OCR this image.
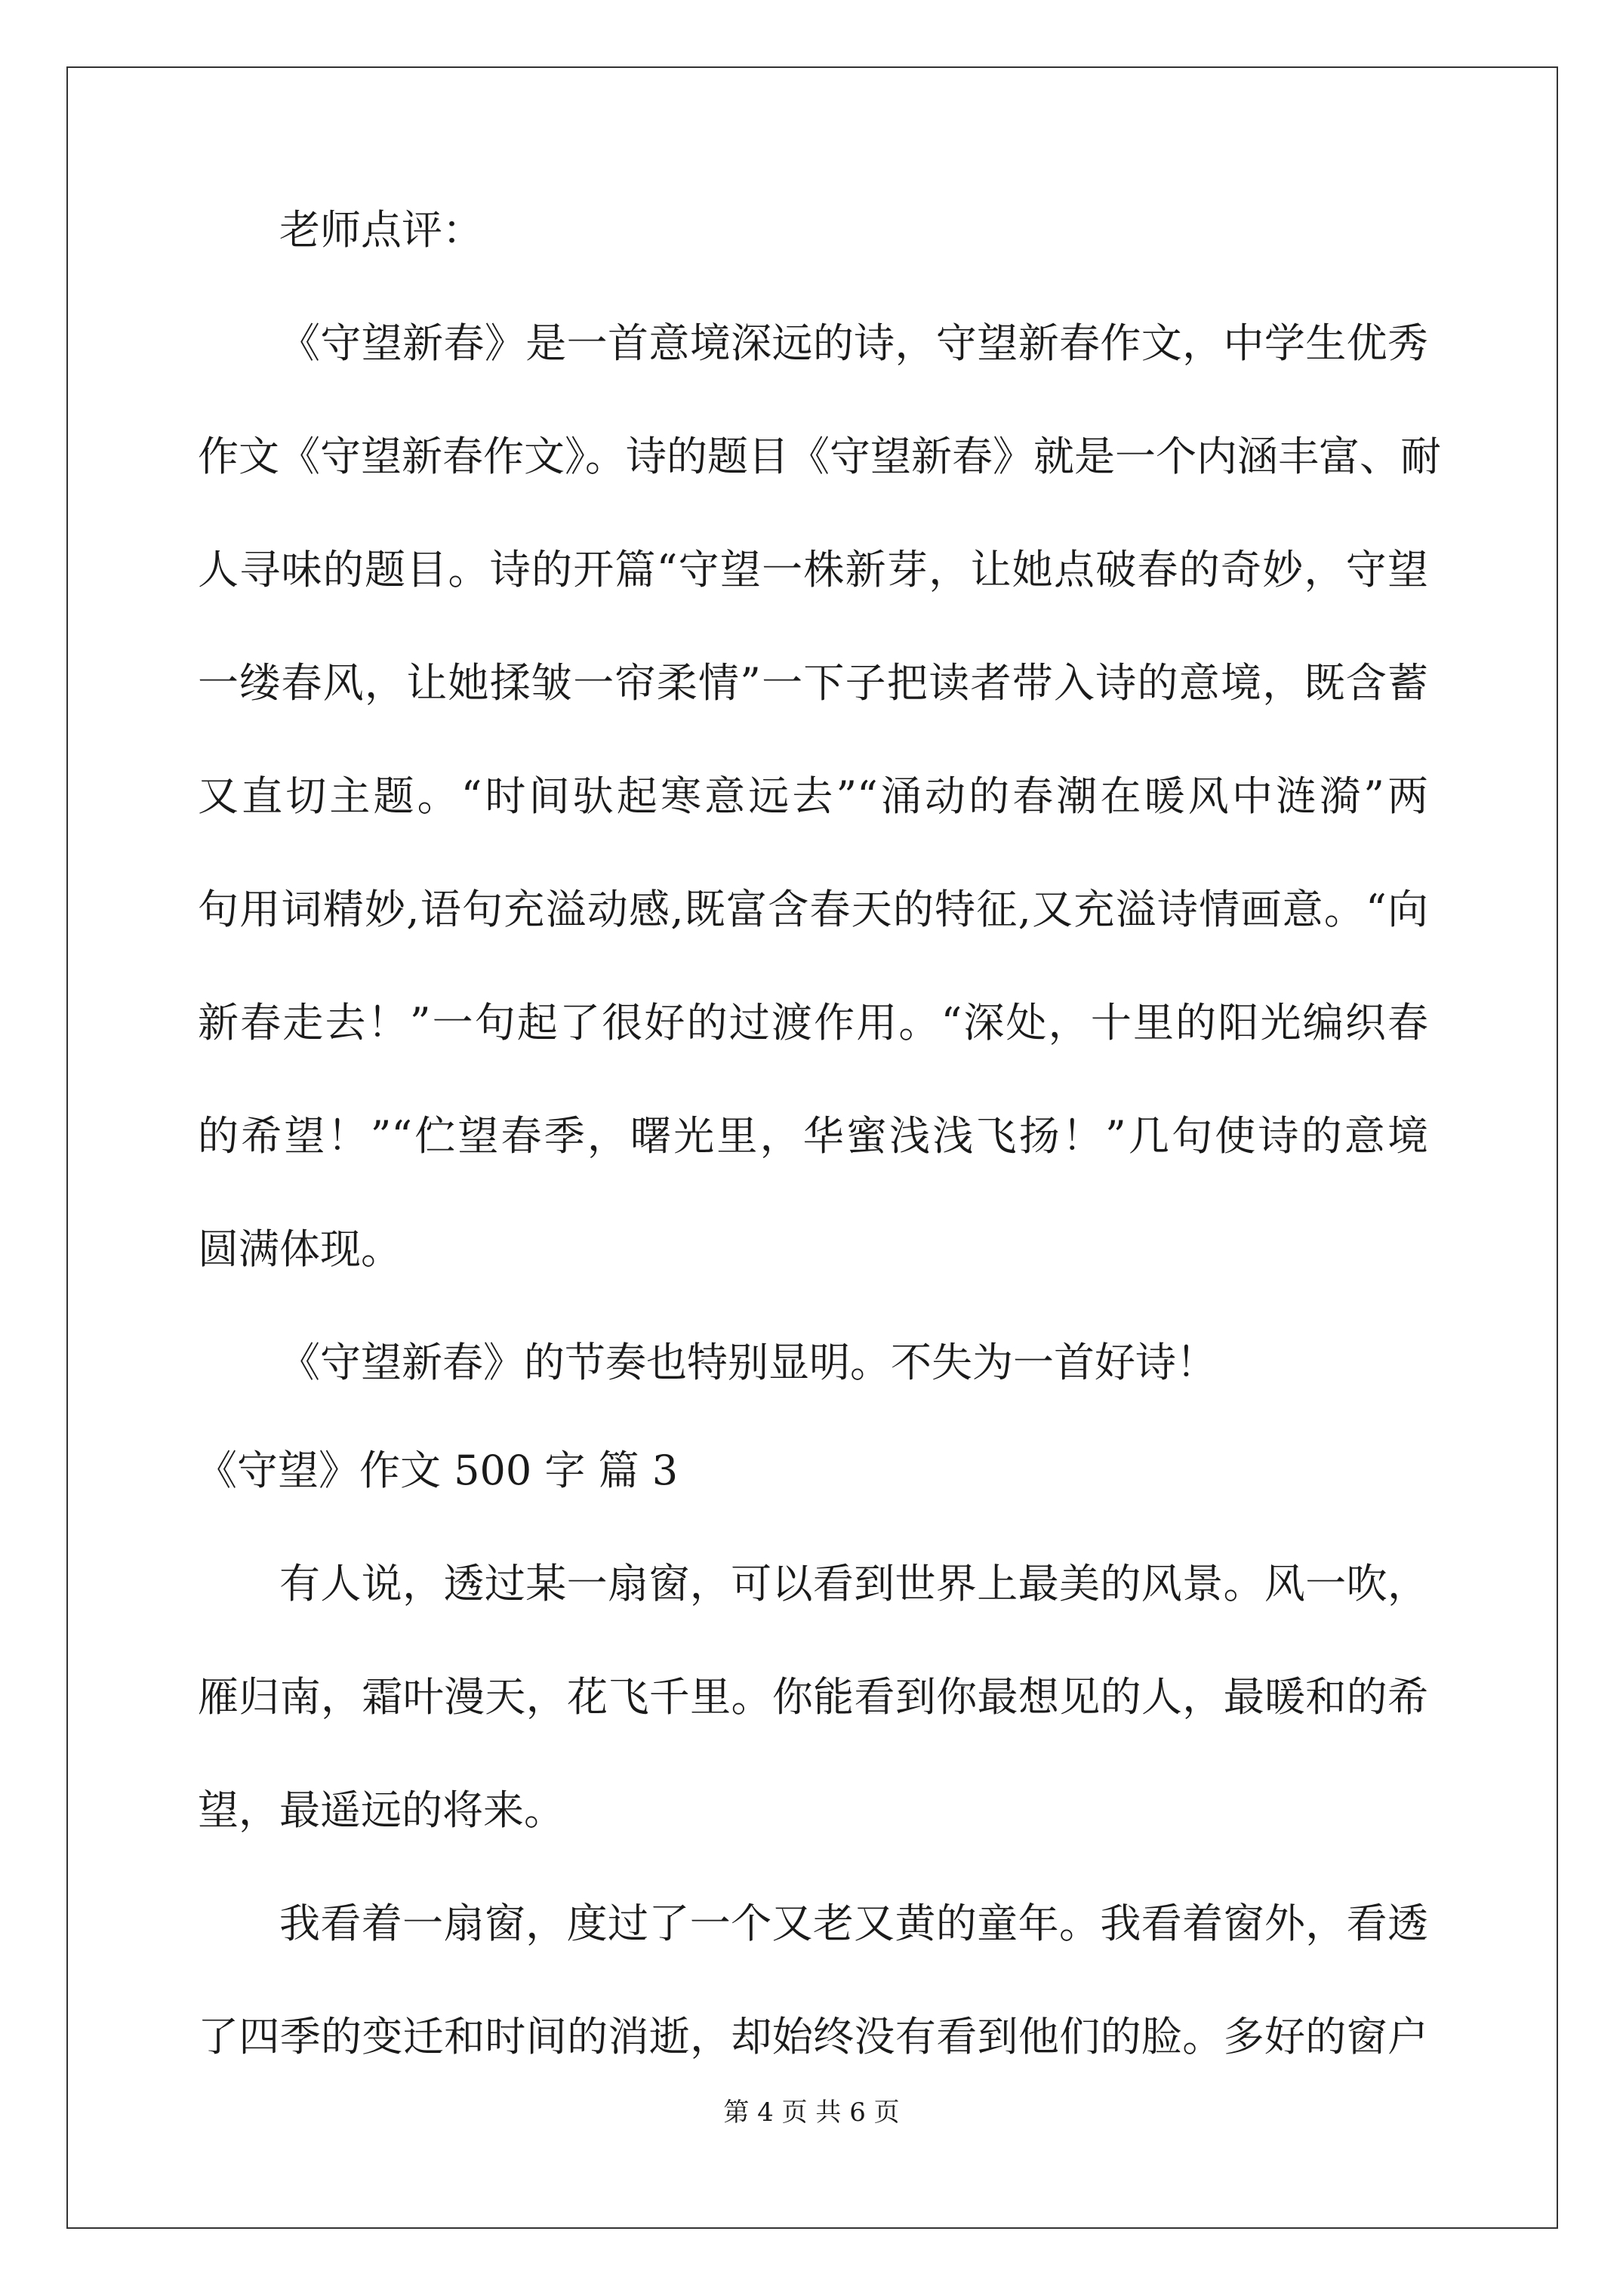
老师点评：
《守望新春》是一首意境深远的诗，守望新春作文，中学生优秀
作文《守望新春作文》。诗的题目《守望新春》就是一个内涵丰富、耐
人寻味的题目。诗的开篇“守望一株新芽，让她点破春的奇妙，守望
一缕春风，让她揉皱一帘柔情”一下子把读者带入诗的意境，既含蓄
又直切主题。“时间驮起寒意远去”“涌动的春潮在暖风中涟漪”两
句用词精妙,语句充溢动感,既富含春天的特征,又充溢诗情画意。“向
新春走去！”一句起了很好的过渡作用。“深处，十里的阳光编织春
的希望！”“伫望春季，曙光里，华蜜浅浅飞扬！”几句使诗的意境
圆满体现。
《守望新春》的节奏也特别显明。不失为一首好诗！
《守望》作文 500 字 篇 3
有人说，透过某一扇窗，可以看到世界上最美的风景。风一吹，
雁归南，霜叶漫天，花飞千里。你能看到你最想见的人，最暖和的希
望，最遥远的将来。
我看着一扇窗，度过了一个又老又黄的童年。我看着窗外，看透
了四季的变迁和时间的消逝，却始终没有看到他们的脸。多好的窗户
第 4 页 共 6 页
